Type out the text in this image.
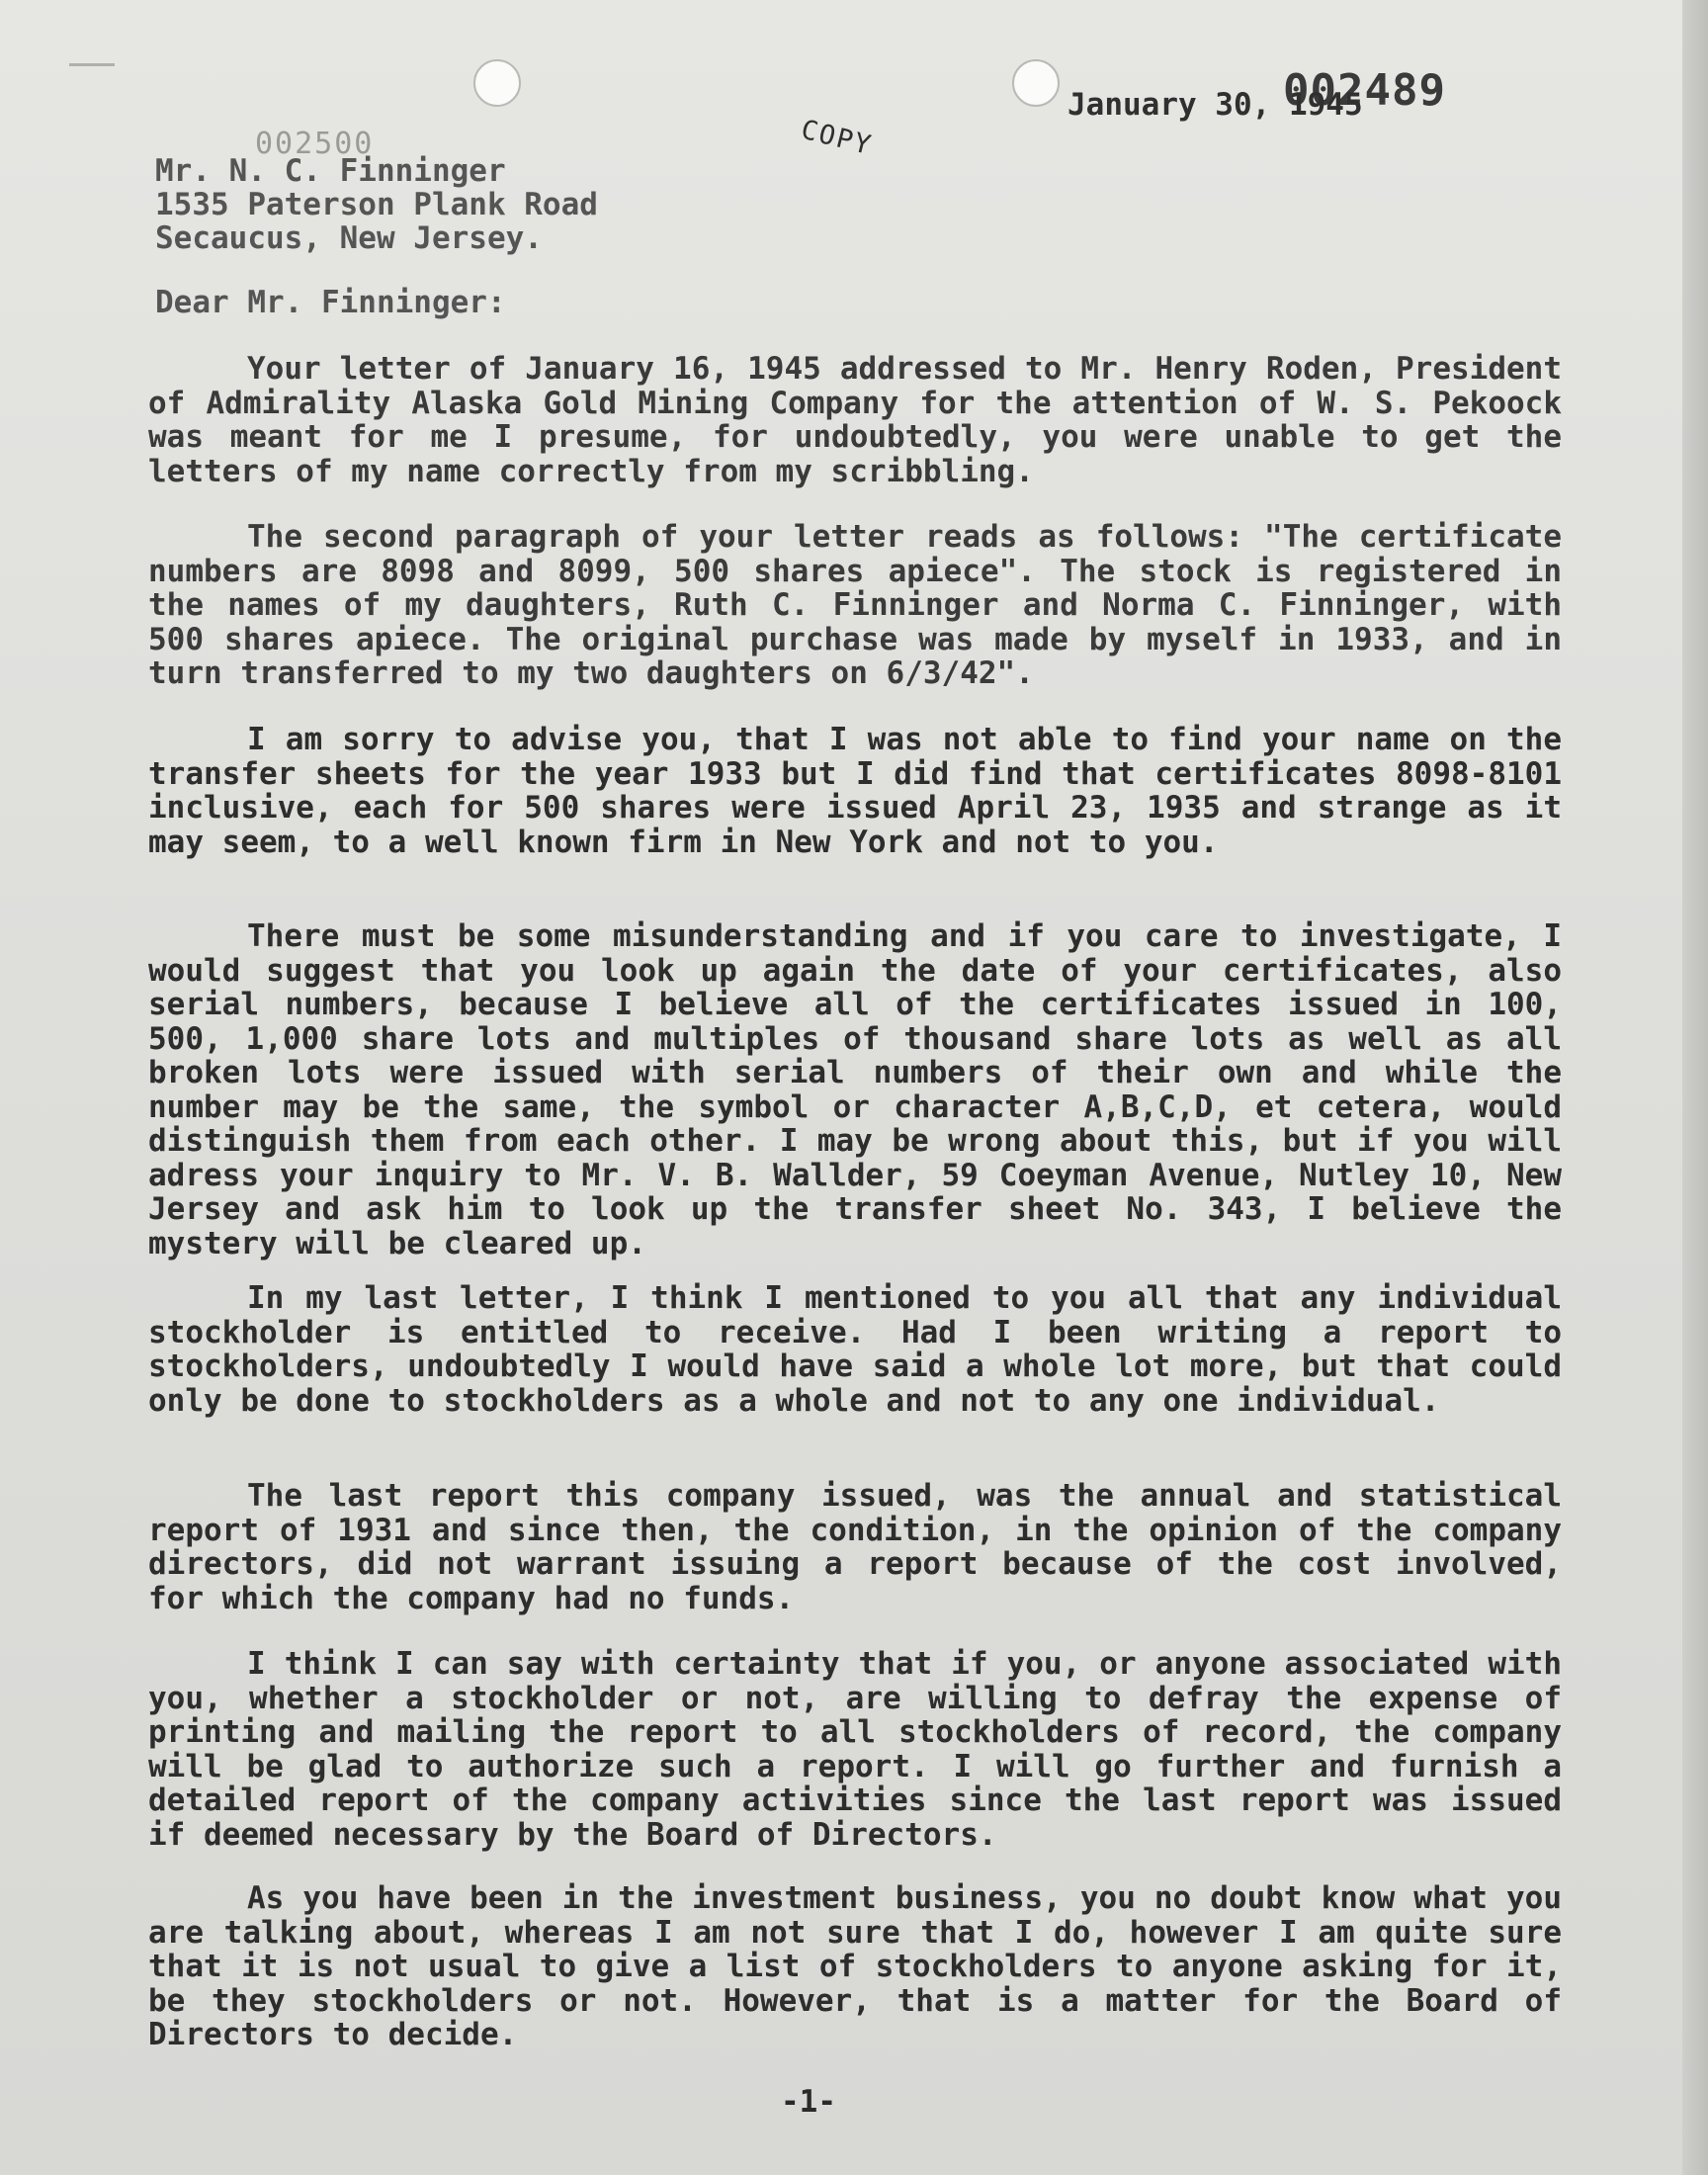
002489
January 30, 1945
COPY
002500
Mr. N. C. Finninger
1535 Paterson Plank Road
Secaucus, New Jersey.
Dear Mr. Finninger:

Your letter of January 16, 1945 addressed to Mr. Henry Roden, President of Admirality Alaska Gold Mining Company for the attention of W. S. Pekoock was meant for me I presume, for undoubtedly, you were unable to get the letters of my name correctly from my scribbling.

The second paragraph of your letter reads as follows: "The certificate numbers are 8098 and 8099, 500 shares apiece". The stock is registered in the names of my daughters, Ruth C. Finninger and Norma C. Finninger, with 500 shares apiece. The original purchase was made by myself in 1933, and in turn transferred to my two daughters on 6/3/42".

I am sorry to advise you, that I was not able to find your name on the transfer sheets for the year 1933 but I did find that certificates 8098-8101 inclusive, each for 500 shares were issued April 23, 1935 and strange as it may seem, to a well known firm in New York and not to you.

There must be some misunderstanding and if you care to investigate, I would suggest that you look up again the date of your certificates, also serial numbers, because I believe all of the certificates issued in 100, 500, 1,000 share lots and multiples of thousand share lots as well as all broken lots were issued with serial numbers of their own and while the number may be the same, the symbol or character A,B,C,D, et cetera, would distinguish them from each other. I may be wrong about this, but if you will adress your inquiry to Mr. V. B. Wallder, 59 Coeyman Avenue, Nutley 10, New Jersey and ask him to look up the transfer sheet No. 343, I believe the mystery will be cleared up.

In my last letter, I think I mentioned to you all that any individual stockholder is entitled to receive. Had I been writing a report to stockholders, undoubtedly I would have said a whole lot more, but that could only be done to stockholders as a whole and not to any one individual.

The last report this company issued, was the annual and statistical report of 1931 and since then, the condition, in the opinion of the company directors, did not warrant issuing a report because of the cost involved, for which the company had no funds.

I think I can say with certainty that if you, or anyone associated with you, whether a stockholder or not, are willing to defray the expense of printing and mailing the report to all stockholders of record, the company will be glad to authorize such a report. I will go further and furnish a detailed report of the company activities since the last report was issued if deemed necessary by the Board of Directors.

As you have been in the investment business, you no doubt know what you are talking about, whereas I am not sure that I do, however I am quite sure that it is not usual to give a list of stockholders to anyone asking for it, be they stockholders or not. However, that is a matter for the Board of Directors to decide.

-1-
